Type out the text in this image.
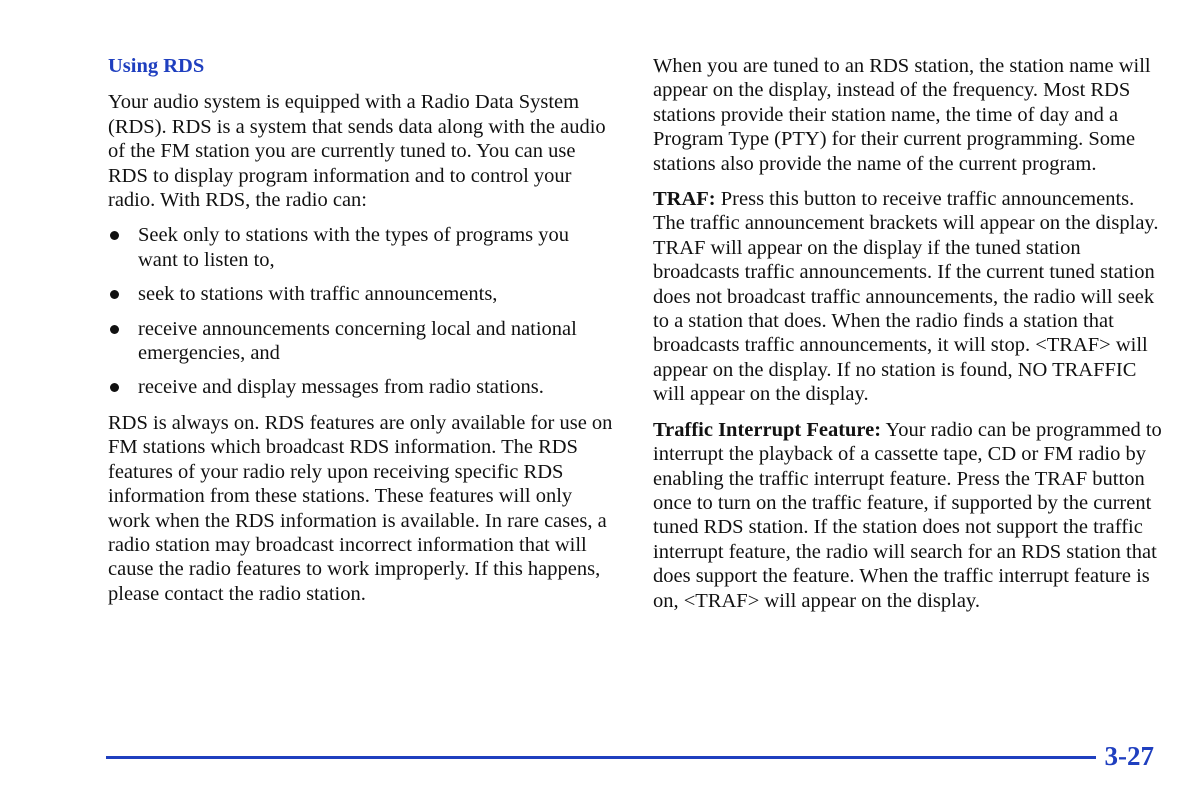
Using RDS

Your audio system is equipped with a Radio Data System (RDS). RDS is a system that sends data along with the audio of the FM station you are currently tuned to. You can use RDS to display program information and to control your radio. With RDS, the radio can:

Seek only to stations with the types of programs you want to listen to,
seek to stations with traffic announcements,
receive announcements concerning local and national emergencies, and
receive and display messages from radio stations.

RDS is always on. RDS features are only available for use on FM stations which broadcast RDS information. The RDS features of your radio rely upon receiving specific RDS information from these stations. These features will only work when the RDS information is available. In rare cases, a radio station may broadcast incorrect information that will cause the radio features to work improperly. If this happens, please contact the radio station.

When you are tuned to an RDS station, the station name will appear on the display, instead of the frequency. Most RDS stations provide their station name, the time of day and a Program Type (PTY) for their current programming. Some stations also provide the name of the current program.

TRAF: Press this button to receive traffic announcements. The traffic announcement brackets will appear on the display. TRAF will appear on the display if the tuned station broadcasts traffic announcements. If the current tuned station does not broadcast traffic announcements, the radio will seek to a station that does. When the radio finds a station that broadcasts traffic announcements, it will stop. <TRAF> will appear on the display. If no station is found, NO TRAFFIC will appear on the display.

Traffic Interrupt Feature: Your radio can be programmed to interrupt the playback of a cassette tape, CD or FM radio by enabling the traffic interrupt feature. Press the TRAF button once to turn on the traffic feature, if supported by the current tuned RDS station. If the station does not support the traffic interrupt feature, the radio will search for an RDS station that does support the feature. When the traffic interrupt feature is on, <TRAF> will appear on the display.

3-27
